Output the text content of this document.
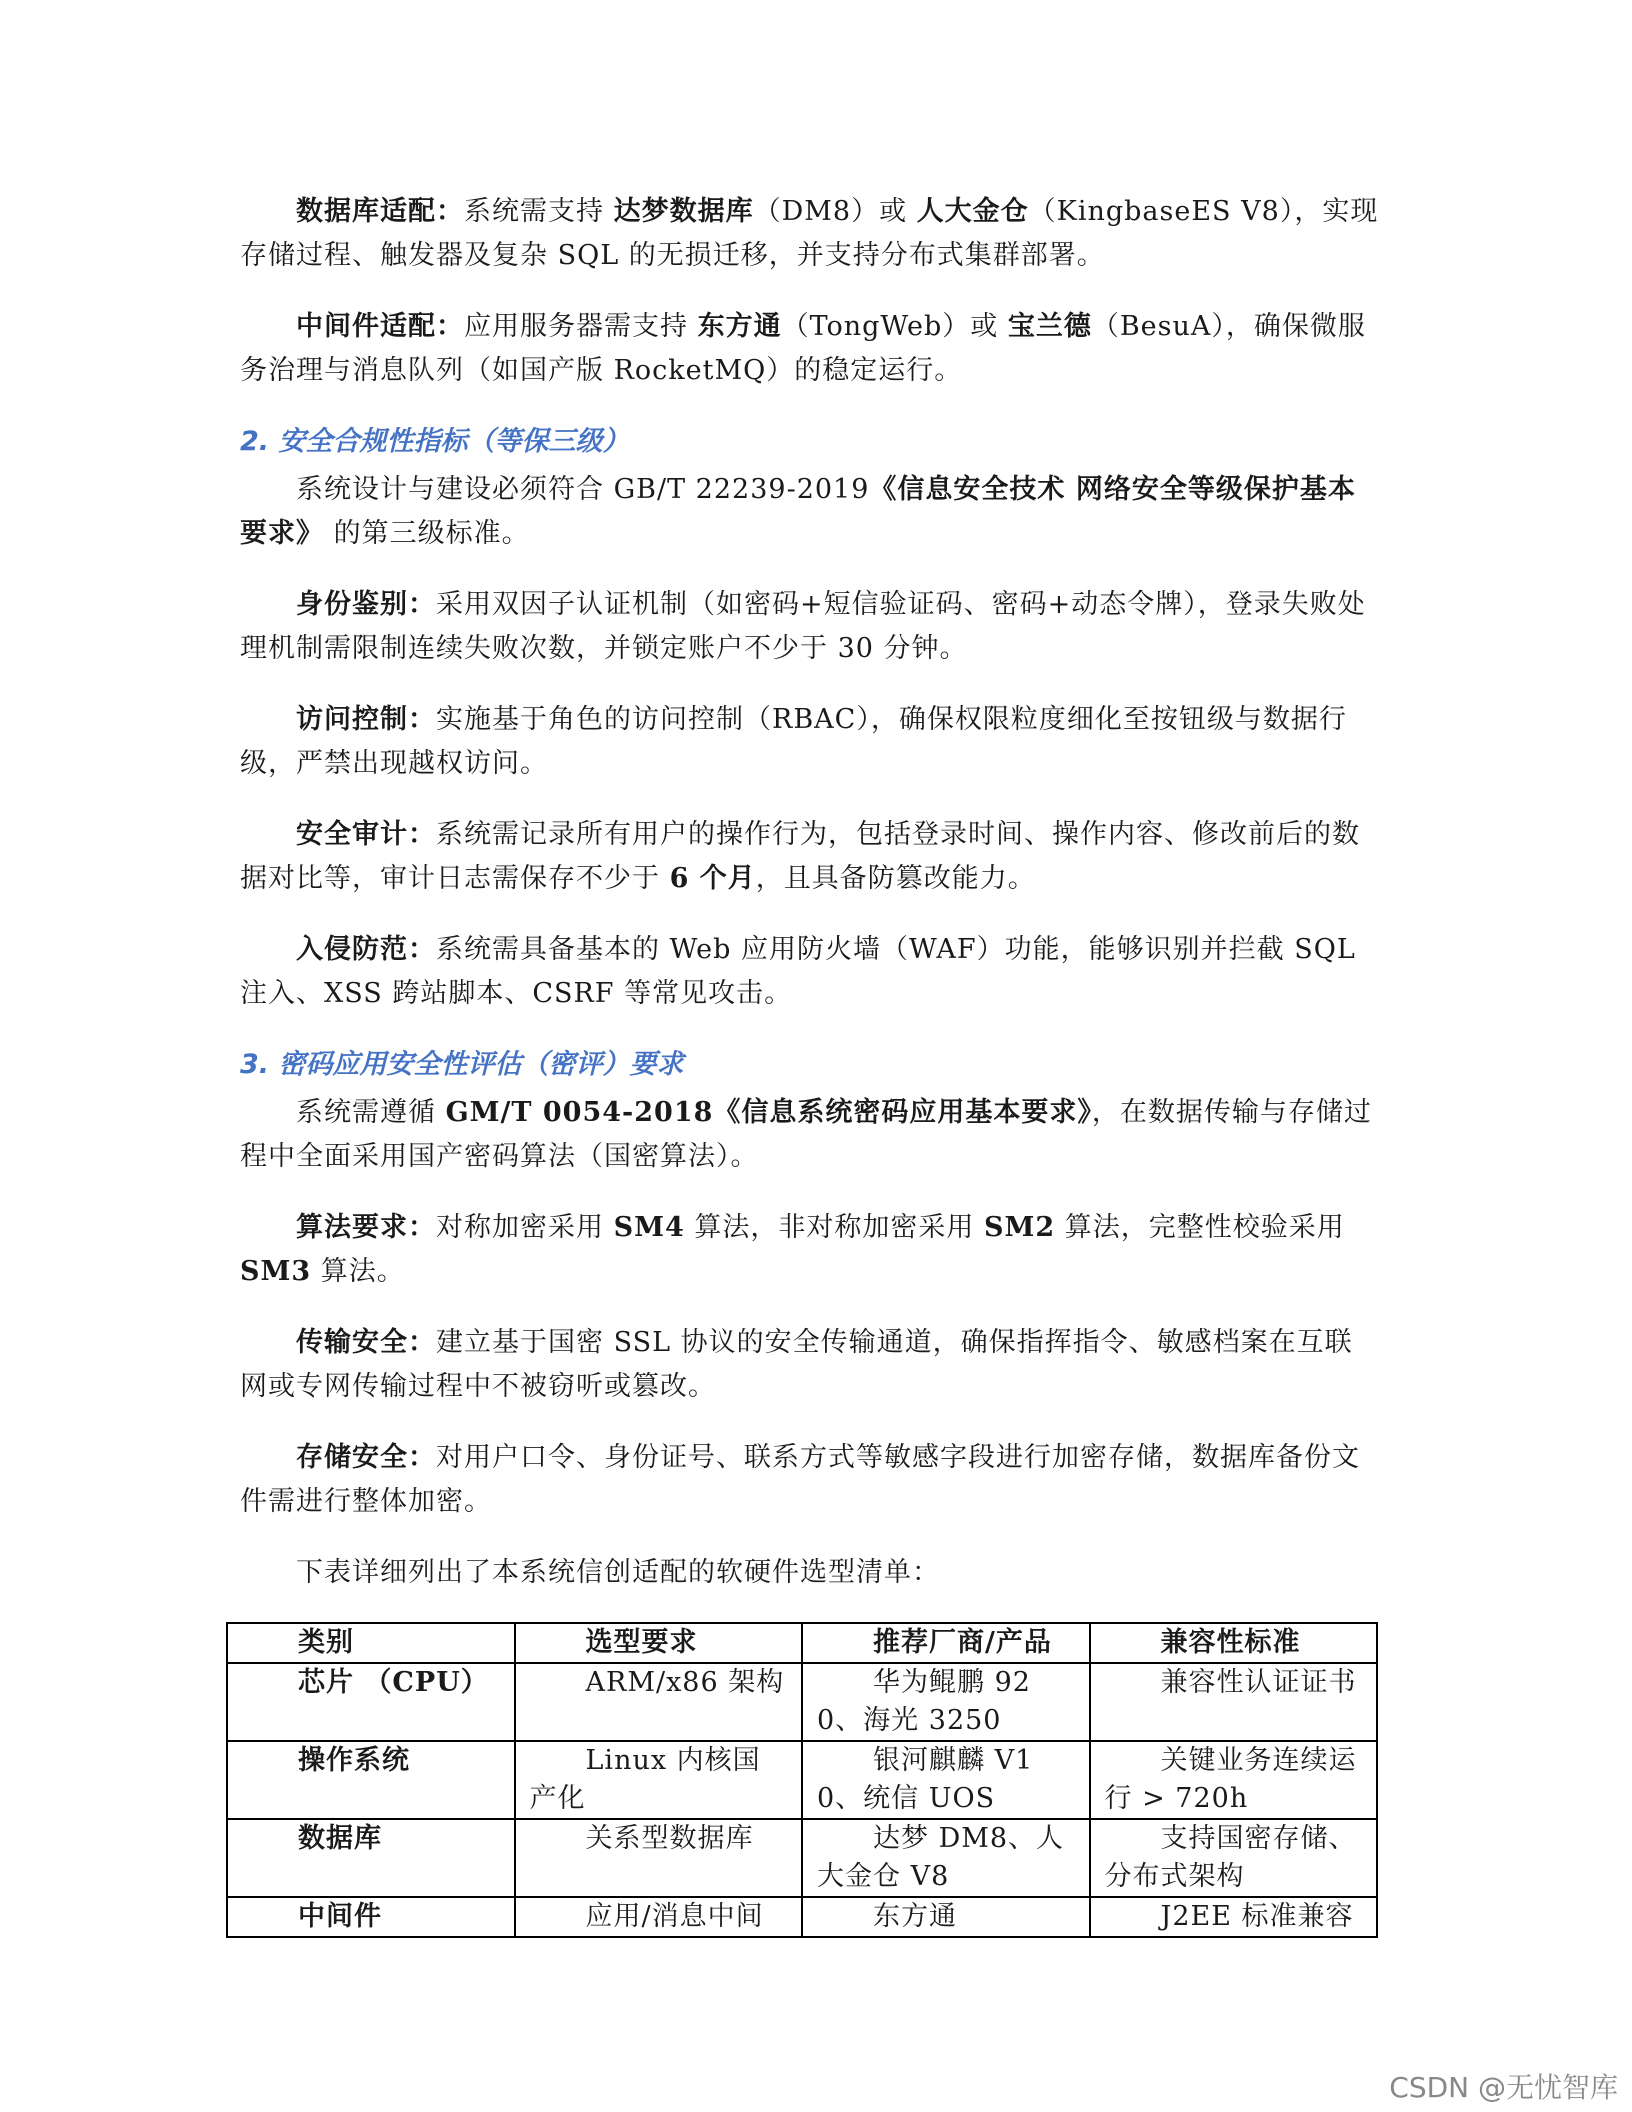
数据库适配：系统需支持 达梦数据库（DM8）或 人大金仓（KingbaseES V8），实现存储过程、触发器及复杂 SQL 的无损迁移，并支持分布式集群部署。

中间件适配：应用服务器需支持 东方通（TongWeb）或 宝兰德（BesuA），确保微服务治理与消息队列（如国产版 RocketMQ）的稳定运行。

2. 安全合规性指标（等保三级）

系统设计与建设必须符合 GB/T 22239-2019《信息安全技术 网络安全等级保护基本要求》 的第三级标准。

身份鉴别：采用双因子认证机制（如密码+短信验证码、密码+动态令牌），登录失败处理机制需限制连续失败次数，并锁定账户不少于 30 分钟。

访问控制：实施基于角色的访问控制（RBAC），确保权限粒度细化至按钮级与数据行级，严禁出现越权访问。

安全审计：系统需记录所有用户的操作行为，包括登录时间、操作内容、修改前后的数据对比等，审计日志需保存不少于 6 个月，且具备防篡改能力。

入侵防范：系统需具备基本的 Web 应用防火墙（WAF）功能，能够识别并拦截 SQL 注入、XSS 跨站脚本、CSRF 等常见攻击。

3. 密码应用安全性评估（密评）要求

系统需遵循 GM/T 0054-2018《信息系统密码应用基本要求》，在数据传输与存储过程中全面采用国产密码算法（国密算法）。

算法要求：对称加密采用 SM4 算法，非对称加密采用 SM2 算法，完整性校验采用 SM3 算法。

传输安全：建立基于国密 SSL 协议的安全传输通道，确保指挥指令、敏感档案在互联网或专网传输过程中不被窃听或篡改。

存储安全：对用户口令、身份证号、联系方式等敏感字段进行加密存储，数据库备份文件需进行整体加密。

下表详细列出了本系统信创适配的软硬件选型清单：

类别	选型要求	推荐厂商/产品	兼容性标准
芯片 （CPU）	ARM/x86 架构	华为鲲鹏 920、海光 3250	兼容性认证证书
操作系统	Linux 内核国产化	银河麒麟 V10、统信 UOS	关键业务连续运行 > 720h
数据库	关系型数据库	达梦 DM8、人大金仓 V8	支持国密存储、分布式架构
中间件	应用/消息中间	东方通	J2EE 标准兼容
CSDN @无忧智库
